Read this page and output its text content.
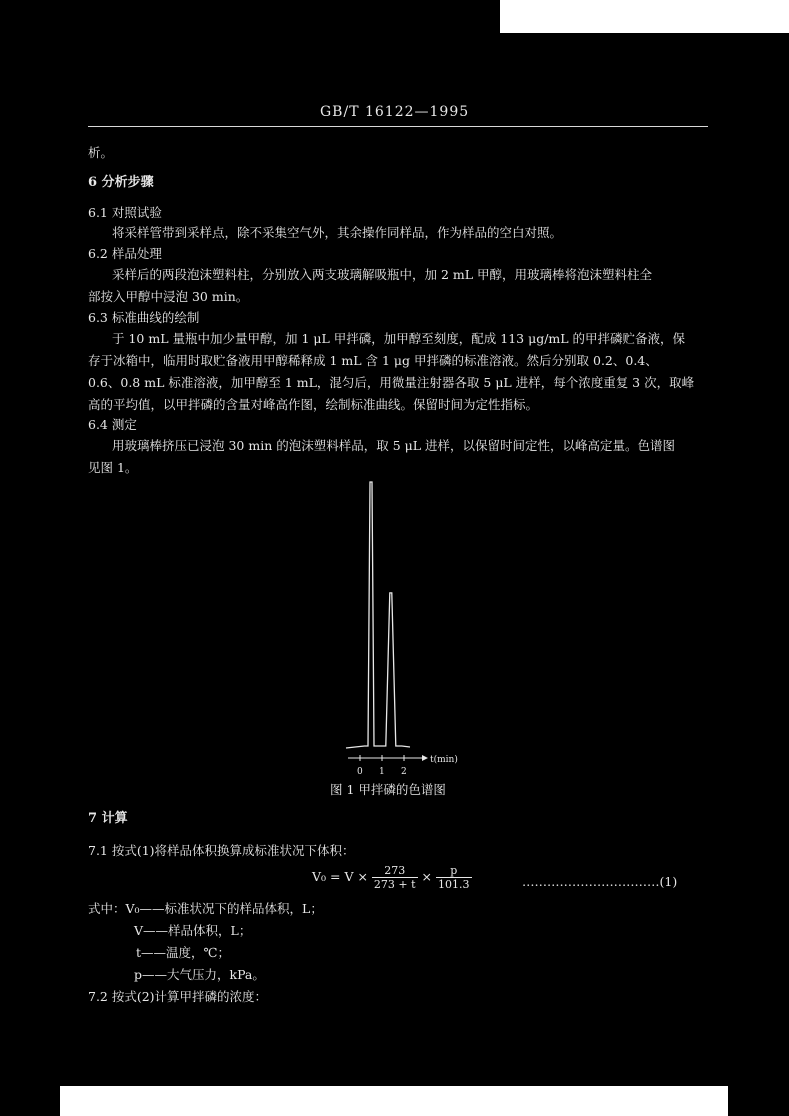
GB/T 16122—1995
析。
6 分析步骤
6.1 对照试验
将采样管带到采样点，除不采集空气外，其余操作同样品，作为样品的空白对照。
6.2 样品处理
采样后的两段泡沫塑料柱，分别放入两支玻璃解吸瓶中，加 2 mL 甲醇，用玻璃棒将泡沫塑料柱全
部按入甲醇中浸泡 30 min。
6.3 标准曲线的绘制
于 10 mL 量瓶中加少量甲醇，加 1 μL 甲拌磷，加甲醇至刻度，配成 113 μg/mL 的甲拌磷贮备液，保
存于冰箱中，临用时取贮备液用甲醇稀释成 1 mL 含 1 μg 甲拌磷的标准溶液。然后分别取 0.2、0.4、
0.6、0.8 mL 标准溶液，加甲醇至 1 mL，混匀后，用微量注射器各取 5 μL 进样，每个浓度重复 3 次，取峰
高的平均值，以甲拌磷的含量对峰高作图，绘制标准曲线。保留时间为定性指标。
6.4 测定
用玻璃棒挤压已浸泡 30 min 的泡沫塑料样品，取 5 μL 进样，以保留时间定性，以峰高定量。色谱图
见图 1。
0 1 2
t(min)
图 1 甲拌磷的色谱图
7 计算
7.1 按式(1)将样品体积换算成标准状况下体积：
$V_0 = V \times \frac{273}{273 + t} \times \frac{p}{101.3}$	……………………………(1)
式中：V₀——标准状况下的样品体积，L；
V——样品体积，L；
t——温度，℃；
p——大气压力，kPa。
7.2 按式(2)计算甲拌磷的浓度：
